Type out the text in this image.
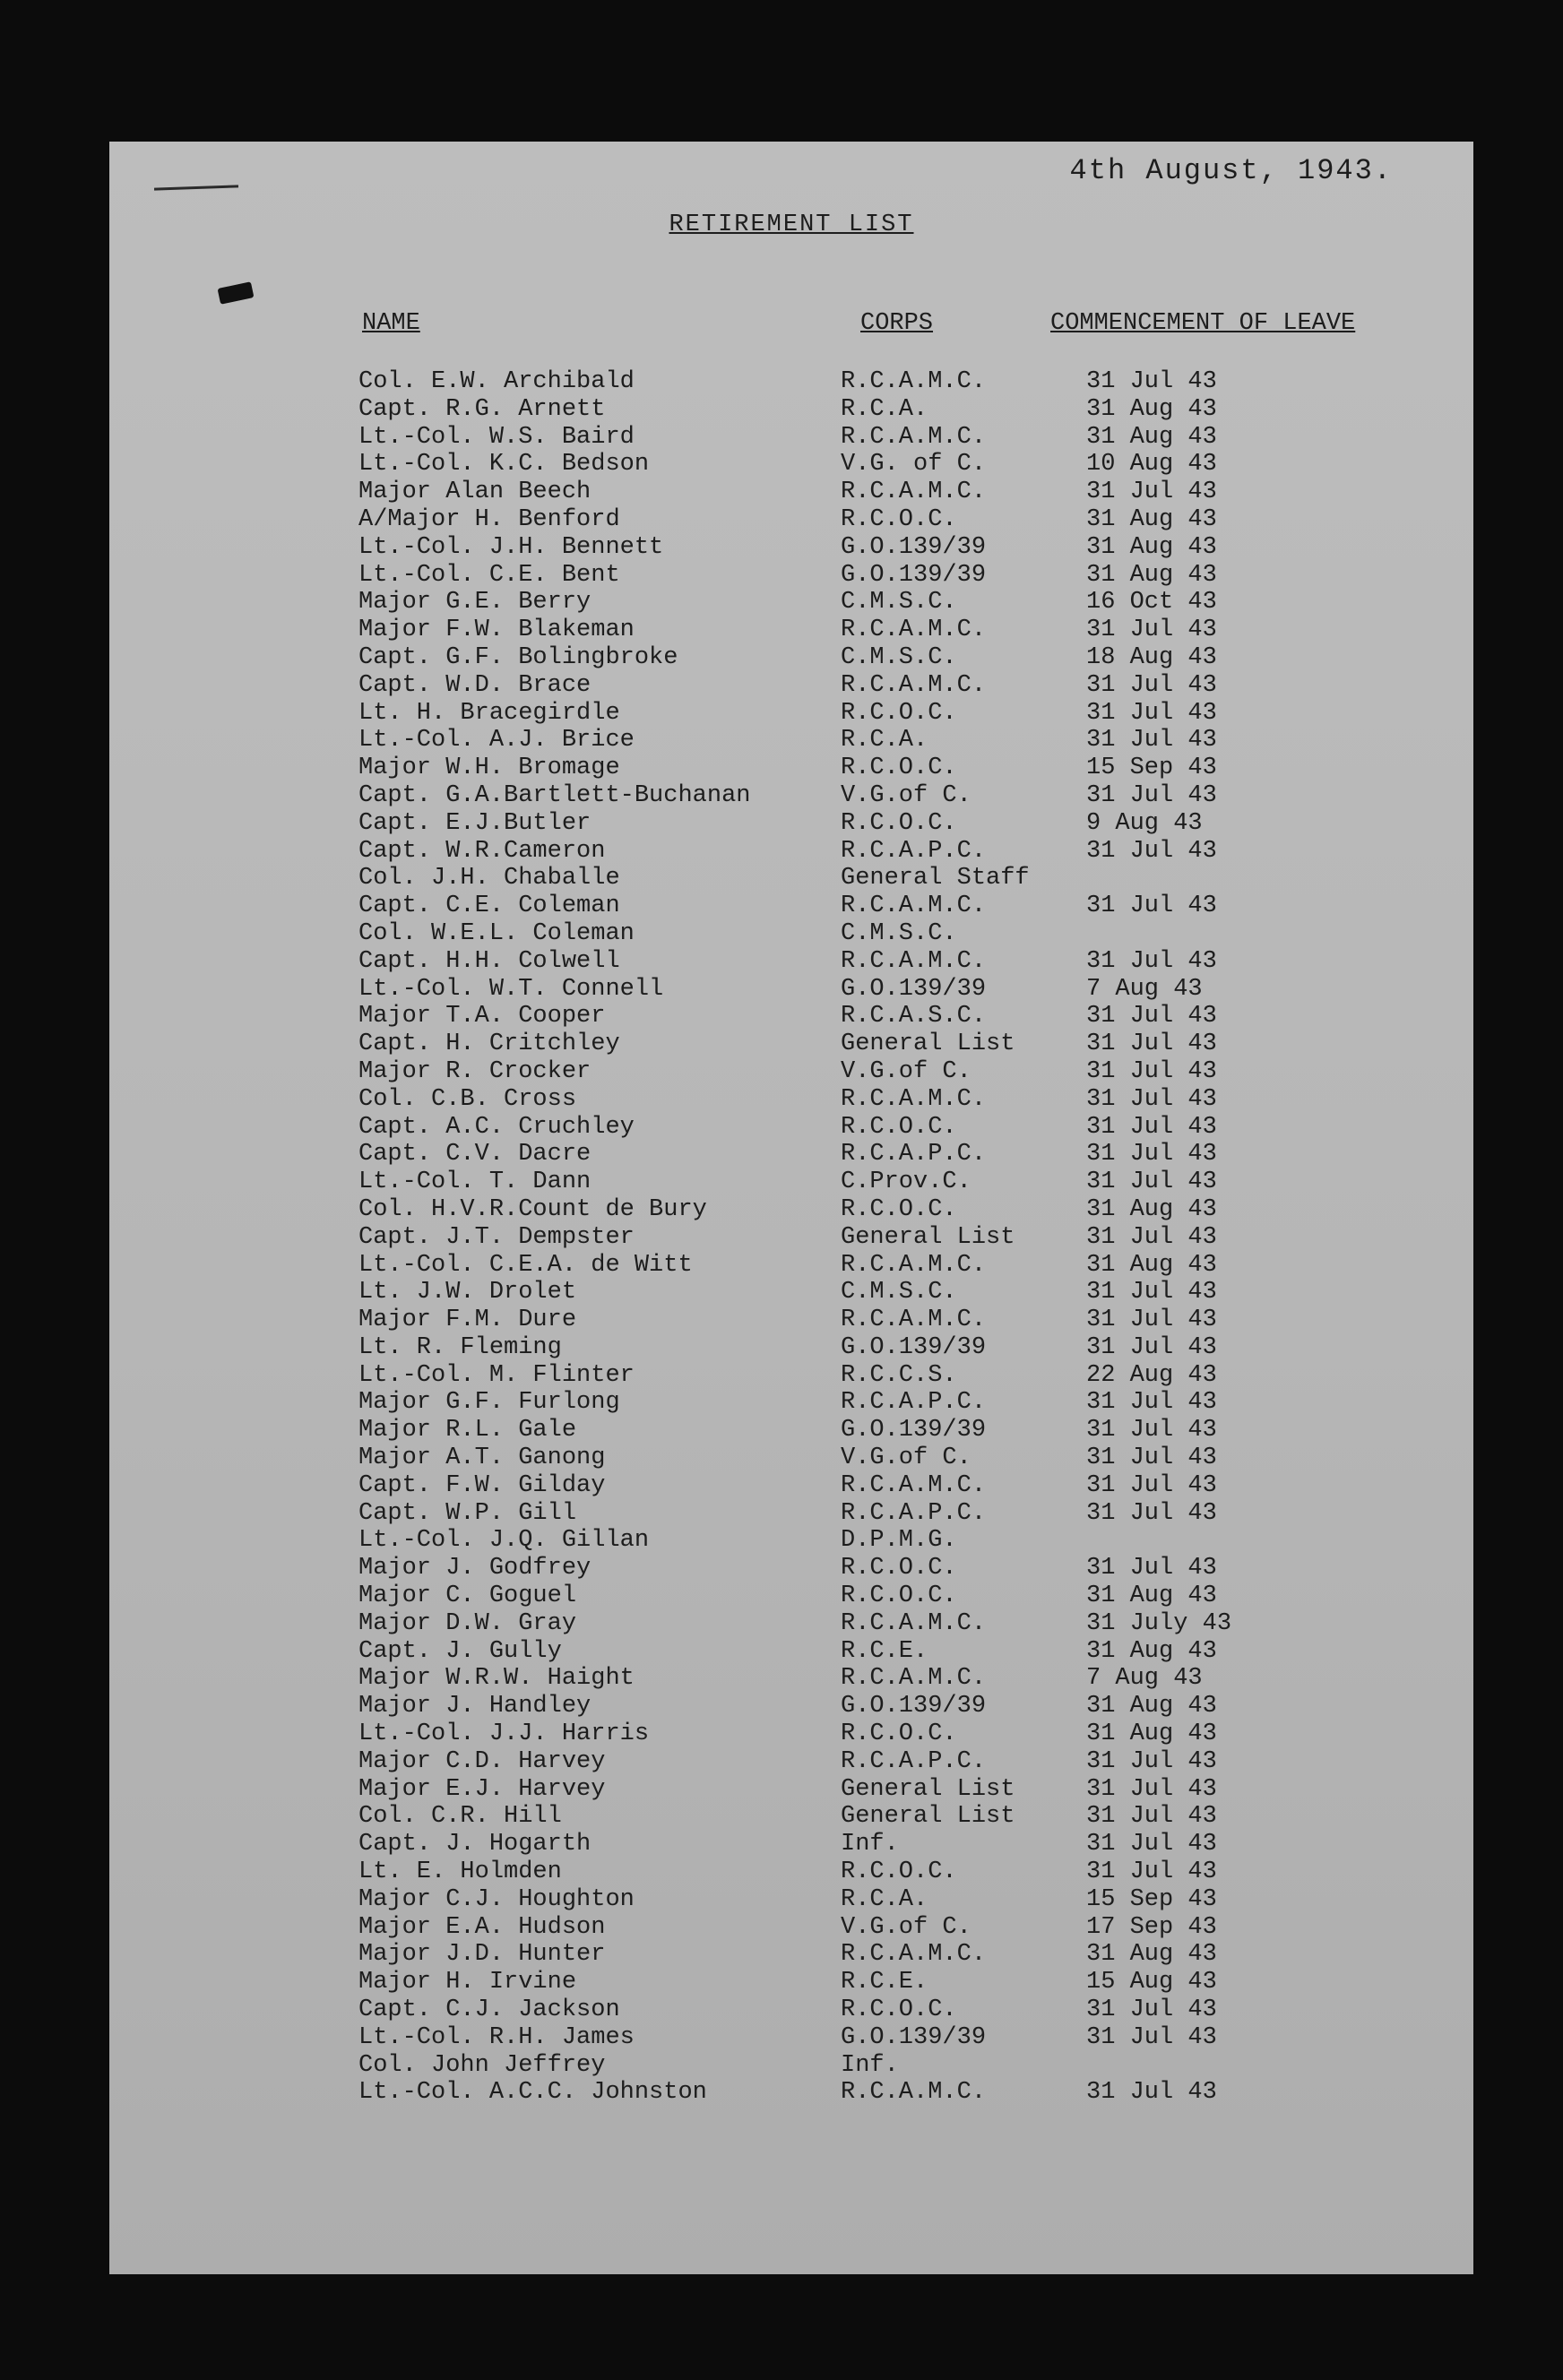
4th August, 1943.
RETIREMENT LIST
NAME	CORPS	COMMENCEMENT OF LEAVE
Col. E.W. Archibald	R.C.A.M.C.	31 Jul 43
Capt. R.G. Arnett	R.C.A.	31 Aug 43
Lt.-Col. W.S. Baird	R.C.A.M.C.	31 Aug 43
Lt.-Col. K.C. Bedson	V.G. of C.	10 Aug 43
Major Alan Beech	R.C.A.M.C.	31 Jul 43
A/Major H. Benford	R.C.O.C.	31 Aug 43
Lt.-Col. J.H. Bennett	G.O.139/39	31 Aug 43
Lt.-Col. C.E. Bent	G.O.139/39	31 Aug 43
Major G.E. Berry	C.M.S.C.	16 Oct 43
Major F.W. Blakeman	R.C.A.M.C.	31 Jul 43
Capt. G.F. Bolingbroke	C.M.S.C.	18 Aug 43
Capt. W.D. Brace	R.C.A.M.C.	31 Jul 43
Lt. H. Bracegirdle	R.C.O.C.	31 Jul 43
Lt.-Col. A.J. Brice	R.C.A.	31 Jul 43
Major W.H. Bromage	R.C.O.C.	15 Sep 43
Capt. G.A.Bartlett-Buchanan	V.G.of C.	31 Jul 43
Capt. E.J.Butler	R.C.O.C.	9 Aug 43
Capt. W.R.Cameron	R.C.A.P.C.	31 Jul 43
Col. J.H. Chaballe	General Staff
Capt. C.E. Coleman	R.C.A.M.C.	31 Jul 43
Col. W.E.L. Coleman	C.M.S.C.
Capt. H.H. Colwell	R.C.A.M.C.	31 Jul 43
Lt.-Col. W.T. Connell	G.O.139/39	7 Aug 43
Major T.A. Cooper	R.C.A.S.C.	31 Jul 43
Capt. H. Critchley	General List	31 Jul 43
Major R. Crocker	V.G.of C.	31 Jul 43
Col. C.B. Cross	R.C.A.M.C.	31 Jul 43
Capt. A.C. Cruchley	R.C.O.C.	31 Jul 43
Capt. C.V. Dacre	R.C.A.P.C.	31 Jul 43
Lt.-Col. T. Dann	C.Prov.C.	31 Jul 43
Col. H.V.R.Count de Bury	R.C.O.C.	31 Aug 43
Capt. J.T. Dempster	General List	31 Jul 43
Lt.-Col. C.E.A. de Witt	R.C.A.M.C.	31 Aug 43
Lt. J.W. Drolet	C.M.S.C.	31 Jul 43
Major F.M. Dure	R.C.A.M.C.	31 Jul 43
Lt. R. Fleming	G.O.139/39	31 Jul 43
Lt.-Col. M. Flinter	R.C.C.S.	22 Aug 43
Major G.F. Furlong	R.C.A.P.C.	31 Jul 43
Major R.L. Gale	G.O.139/39	31 Jul 43
Major A.T. Ganong	V.G.of C.	31 Jul 43
Capt. F.W. Gilday	R.C.A.M.C.	31 Jul 43
Capt. W.P. Gill	R.C.A.P.C.	31 Jul 43
Lt.-Col. J.Q. Gillan	D.P.M.G.
Major J. Godfrey	R.C.O.C.	31 Jul 43
Major C. Goguel	R.C.O.C.	31 Aug 43
Major D.W. Gray	R.C.A.M.C.	31 July 43
Capt. J. Gully	R.C.E.	31 Aug 43
Major W.R.W. Haight	R.C.A.M.C.	7 Aug 43
Major J. Handley	G.O.139/39	31 Aug 43
Lt.-Col. J.J. Harris	R.C.O.C.	31 Aug 43
Major C.D. Harvey	R.C.A.P.C.	31 Jul 43
Major E.J. Harvey	General List	31 Jul 43
Col. C.R. Hill	General List	31 Jul 43
Capt. J. Hogarth	Inf.	31 Jul 43
Lt. E. Holmden	R.C.O.C.	31 Jul 43
Major C.J. Houghton	R.C.A.	15 Sep 43
Major E.A. Hudson	V.G.of C.	17 Sep 43
Major J.D. Hunter	R.C.A.M.C.	31 Aug 43
Major H. Irvine	R.C.E.	15 Aug 43
Capt. C.J. Jackson	R.C.O.C.	31 Jul 43
Lt.-Col. R.H. James	G.O.139/39	31 Jul 43
Col. John Jeffrey	Inf.
Lt.-Col. A.C.C. Johnston	R.C.A.M.C.	31 Jul 43
